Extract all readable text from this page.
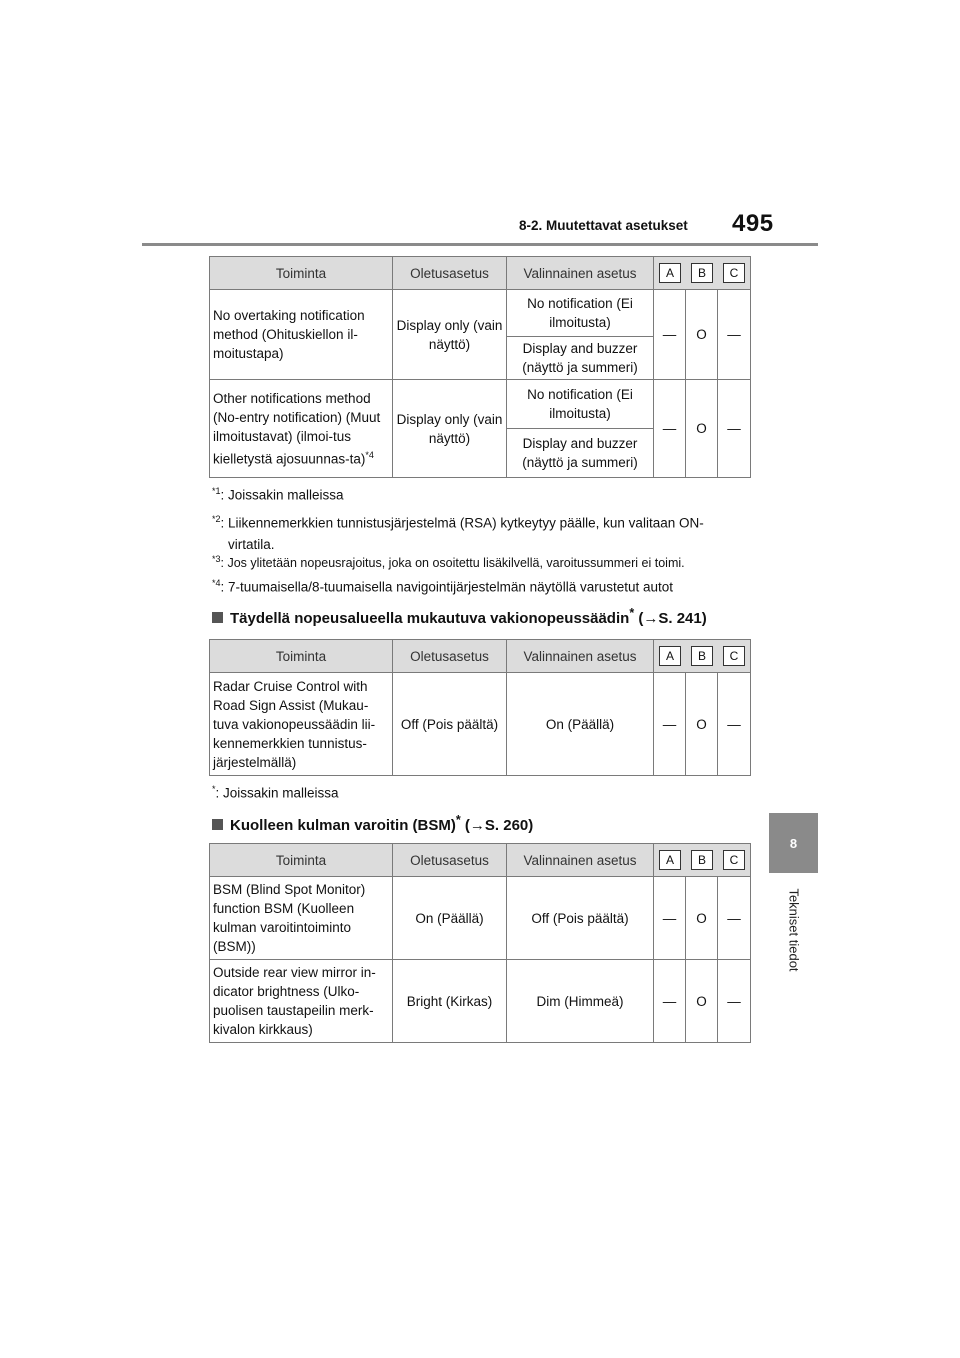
8-2. Muutettavat asetukset 495
8
Tekniset tiedot
Toiminta	Oletusasetus	Valinnainen asetus	A B C		

No overtaking notification method (Ohituskiellon il-moitustapa)	Display only (vain näyttö)	No notification (Ei ilmoitusta)	—	O	—
		Display and buzzer (näyttö ja summeri)			
Other notifications method (No-entry notification) (Muut ilmoitustavat) (ilmoi-tus kielletystä ajosuunnas-ta)$^{*4}$	Display only (vain näyttö)	No notification (Ei ilmoitusta)	—	O	—
		Display and buzzer (näyttö ja summeri)			
$^{*1}$: Joissakin malleissa
$^{*2}$: Liikennemerkkien tunnistusjärjestelmä (RSA) kytkeytyy päälle, kun valitaan ON-virtatila.
$^{*3}$: Jos ylitetään nopeusrajoitus, joka on osoitettu lisäkilvellä, varoitussummeri ei toimi.
$^{*4}$: 7-tuumaisella/8-tuumaisella navigointijärjestelmän näytöllä varustetut autot
Täydellä nopeusalueella mukautuva vakionopeussäädin* (→S. 241)
Toiminta	Oletusasetus	Valinnainen asetus	A B C		

Radar Cruise Control with Road Sign Assist (Mukau-tuva vakionopeussäädin lii-kennemerkkien tunnistus-järjestelmällä)	Off (Pois päältä)	On (Päällä)	—	O	—
*: Joissakin malleissa
Kuolleen kulman varoitin (BSM)* (→S. 260)
Toiminta	Oletusasetus	Valinnainen asetus	A B C		

BSM (Blind Spot Monitor) function BSM (Kuolleen kulman varoitintoiminto (BSM))	On (Päällä)	Off (Pois päältä)	—	O	—
Outside rear view mirror in-dicator brightness (Ulko-puolisen taustapeilin merk-kivalon kirkkaus)	Bright (Kirkas)	Dim (Himmeä)	—	O	—
